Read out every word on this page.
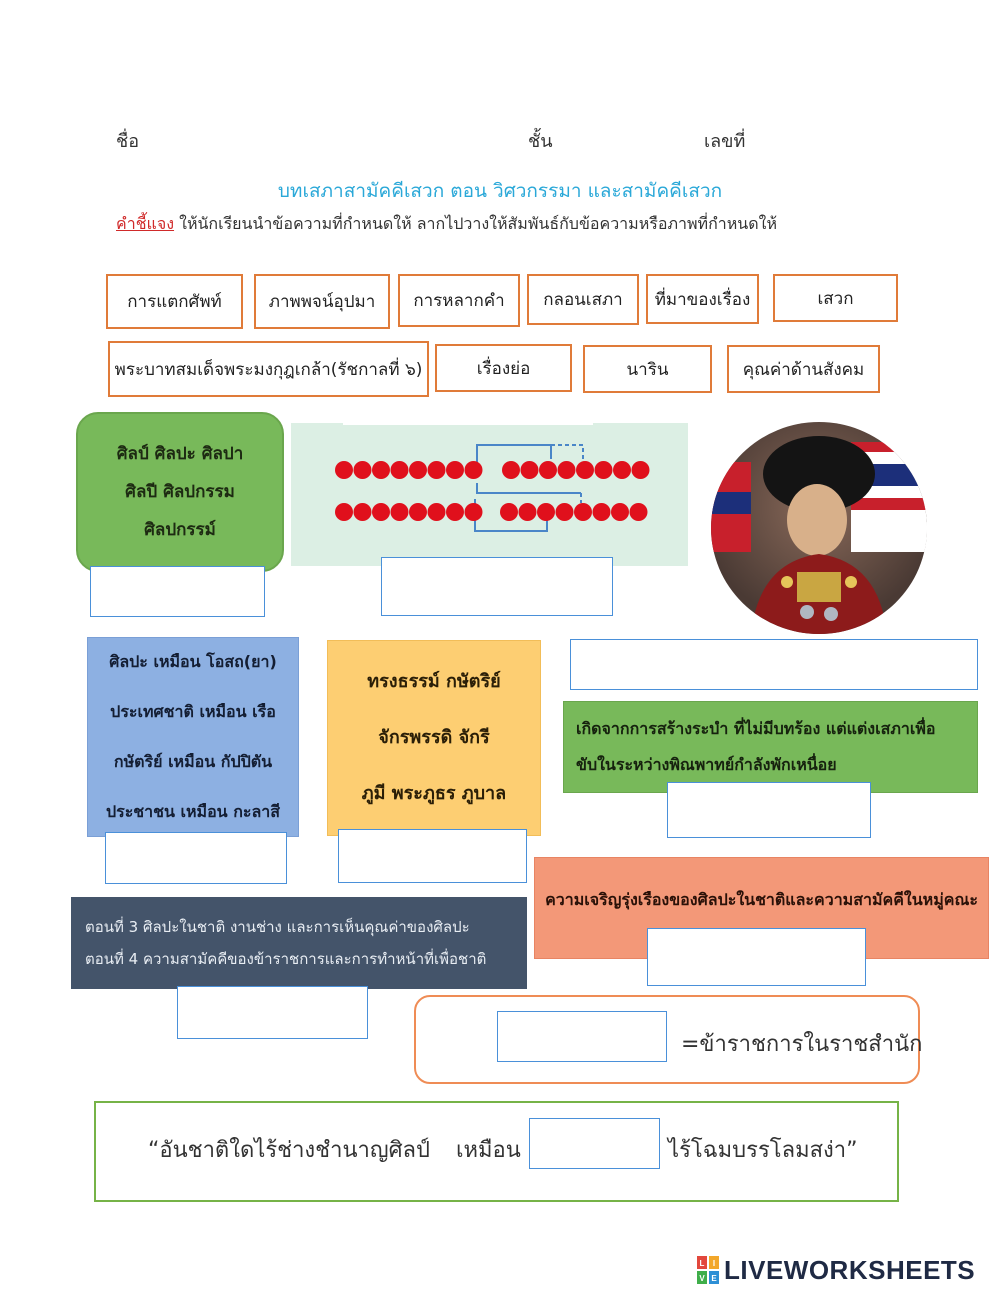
ชื่อ	ชั้น	เลขที่
บทเสภาสามัคคีเสวก ตอน วิศวกรรมา และสามัคคีเสวก
คำชี้แจง ให้นักเรียนนำข้อความที่กำหนดให้ ลากไปวางให้สัมพันธ์กับข้อความหรือภาพที่กำหนดให้
การแตกศัพท์	ภาพพจน์อุปมา	การหลากคำ	กลอนเสภา	ที่มาของเรื่อง	เสวก
พระบาทสมเด็จพระมงกุฎเกล้า(รัชกาลที่ ๖)	เรื่องย่อ	นาริน	คุณค่าด้านสังคม
ศิลป์ ศิลปะ ศิลปา
ศิลปี ศิลปกรรม
ศิลปกรรม์
ศิลปะ เหมือน โอสถ(ยา)
ประเทศชาติ เหมือน เรือ
กษัตริย์ เหมือน กัปปิตัน
ประชาชน เหมือน กะลาสี
ทรงธรรม์ กษัตริย์
จักรพรรดิ จักรี
ภูมี พระภูธร ภูบาล
เกิดจากการสร้างระบำ ที่ไม่มีบทร้อง แต่แต่งเสภาเพื่อ
ขับในระหว่างพิณพาทย์กำลังพักเหนื่อย
ความเจริญรุ่งเรืองของศิลปะในชาติและความสามัคคีในหมู่คณะ
ตอนที่ 3 ศิลปะในชาติ งานช่าง และการเห็นคุณค่าของศิลปะ
ตอนที่ 4 ความสามัคคีของข้าราชการและการทำหน้าที่เพื่อชาติ
=ข้าราชการในราชสำนัก
“อันชาติใดไร้ช่างชำนาญศิลป์ เหมือน	ไร้โฉมบรรโลมสง่า”
L I
V E LIVEWORKSHEETS
